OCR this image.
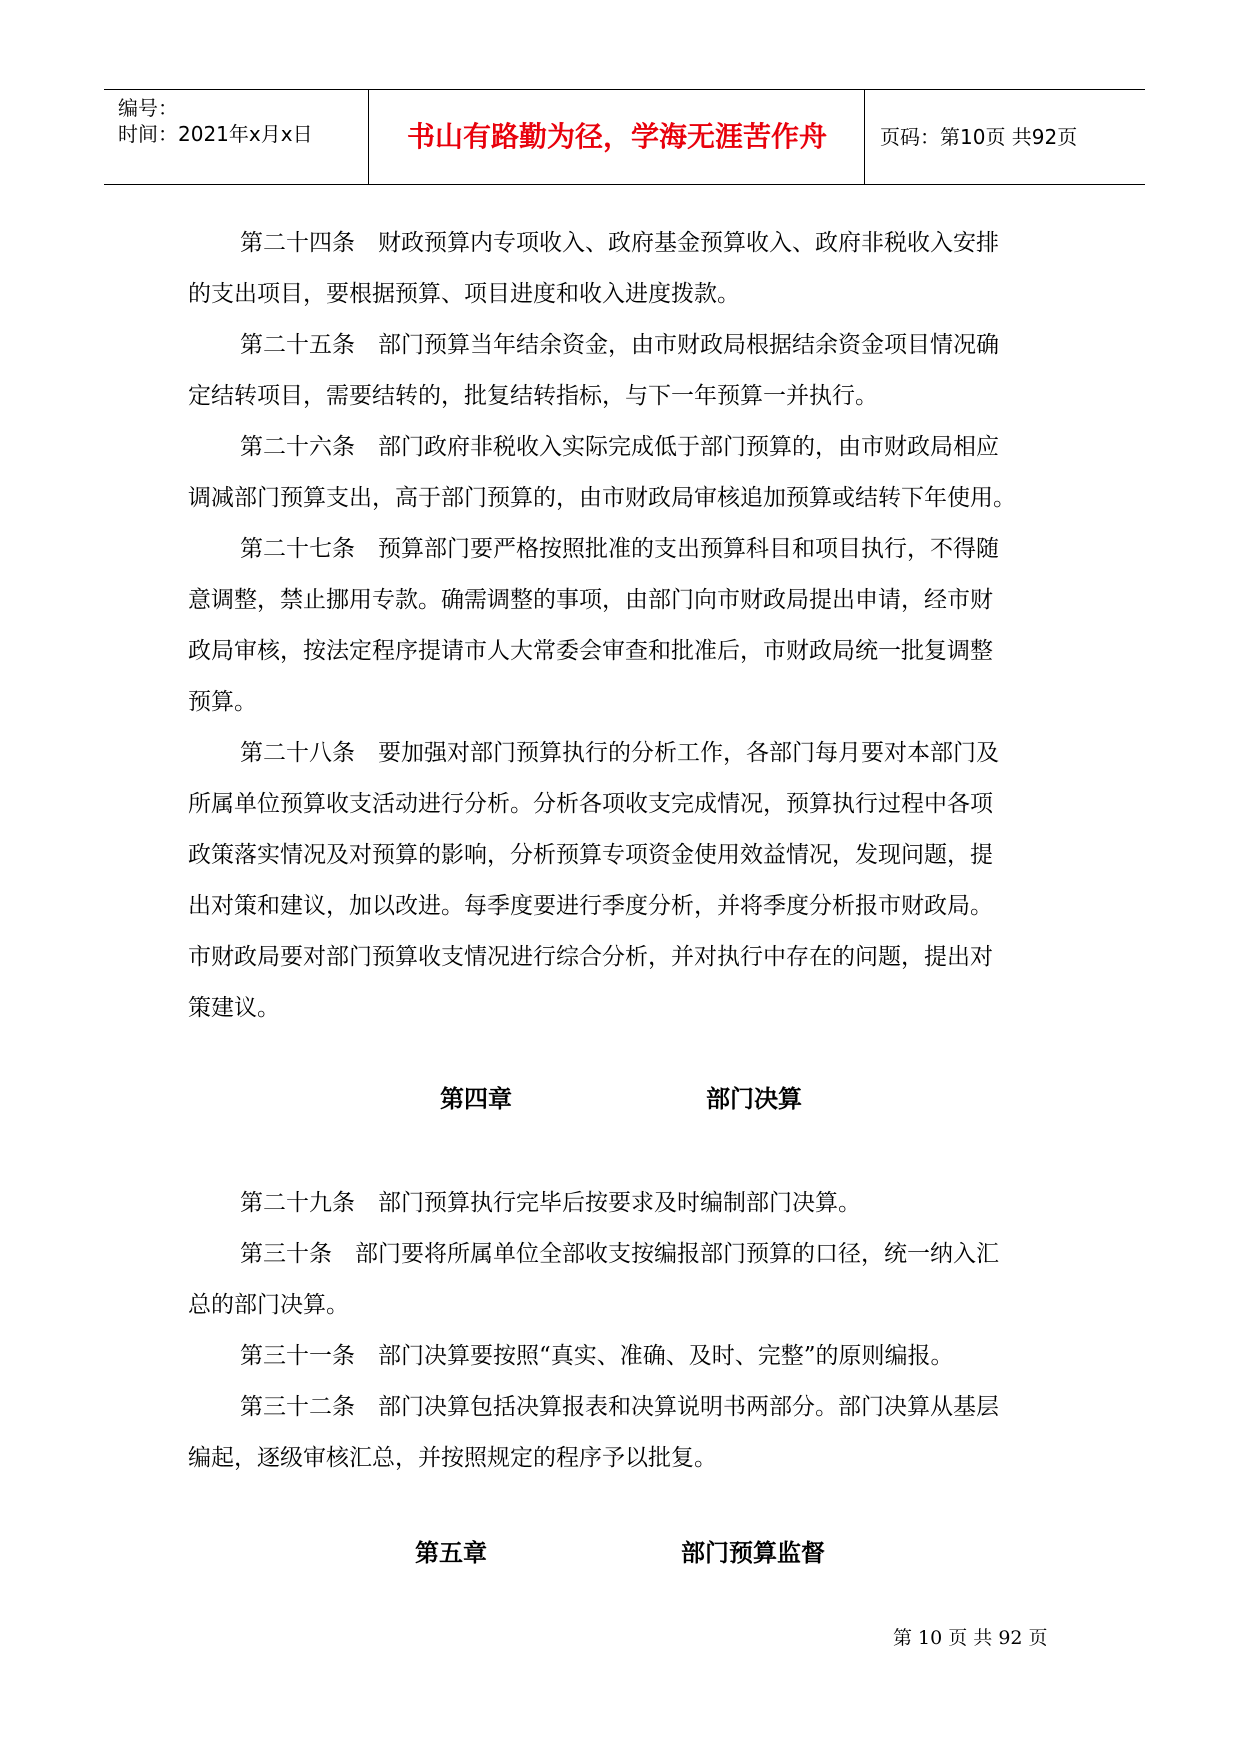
编号：
时间：2021年x月x日	书山有路勤为径，学海无涯苦作舟	页码：第10页 共92页
第二十四条　财政预算内专项收入、政府基金预算收入、政府非税收入安排
的支出项目，要根据预算、项目进度和收入进度拨款。
第二十五条　部门预算当年结余资金，由市财政局根据结余资金项目情况确
定结转项目，需要结转的，批复结转指标，与下一年预算一并执行。
第二十六条　部门政府非税收入实际完成低于部门预算的，由市财政局相应
调减部门预算支出，高于部门预算的，由市财政局审核追加预算或结转下年使用。
第二十七条　预算部门要严格按照批准的支出预算科目和项目执行，不得随
意调整，禁止挪用专款。确需调整的事项，由部门向市财政局提出申请，经市财
政局审核，按法定程序提请市人大常委会审查和批准后，市财政局统一批复调整
预算。
第二十八条　要加强对部门预算执行的分析工作，各部门每月要对本部门及
所属单位预算收支活动进行分析。分析各项收支完成情况，预算执行过程中各项
政策落实情况及对预算的影响，分析预算专项资金使用效益情况，发现问题，提
出对策和建议，加以改进。每季度要进行季度分析，并将季度分析报市财政局。
市财政局要对部门预算收支情况进行综合分析，并对执行中存在的问题，提出对
策建议。
第四章	部门决算
第二十九条　部门预算执行完毕后按要求及时编制部门决算。
第三十条　部门要将所属单位全部收支按编报部门预算的口径，统一纳入汇
总的部门决算。
第三十一条　部门决算要按照“真实、准确、及时、完整”的原则编报。
第三十二条　部门决算包括决算报表和决算说明书两部分。部门决算从基层
编起，逐级审核汇总，并按照规定的程序予以批复。
第五章	部门预算监督
第 10 页 共 92 页
